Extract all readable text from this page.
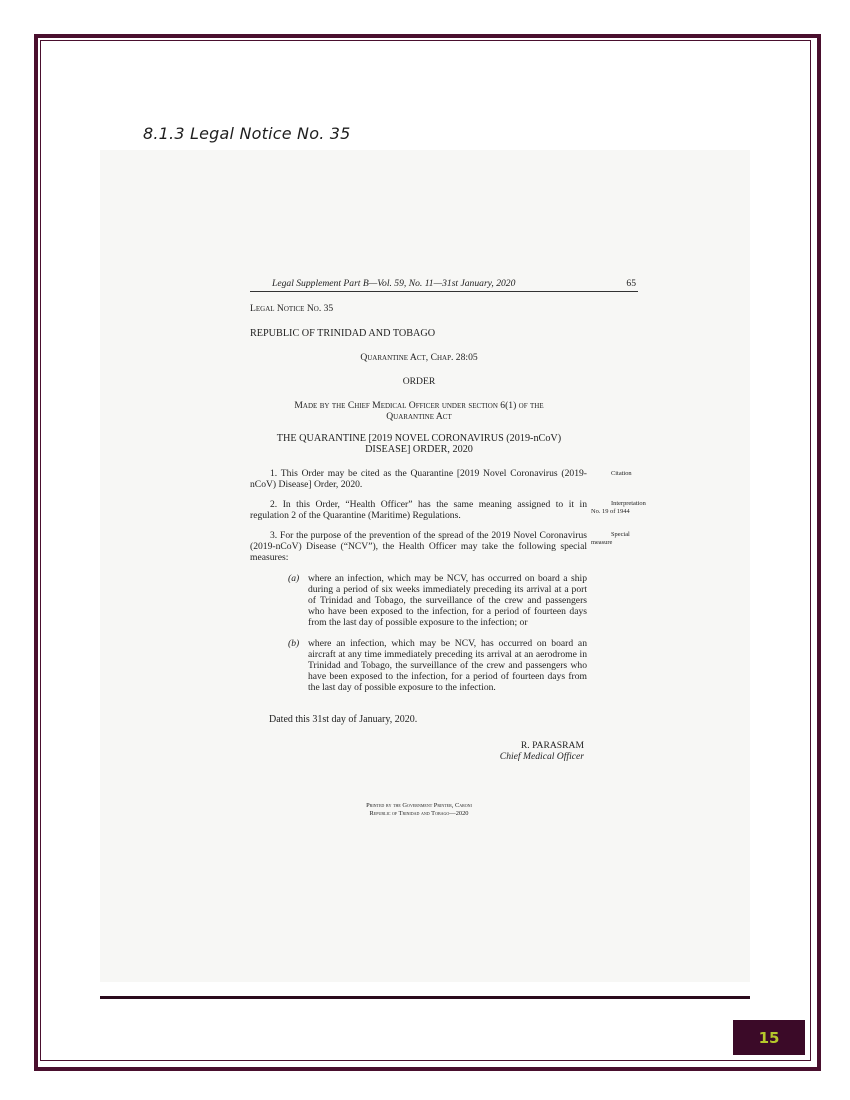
8.1.3 Legal Notice No. 35
Legal Supplement Part B—Vol. 59, No. 11—31st January, 2020	65
Legal Notice No. 35
REPUBLIC OF TRINIDAD AND TOBAGO
Quarantine Act, Chap. 28:05
ORDER
Made by the Chief Medical Officer under section 6(1) of the
Quarantine Act
THE QUARANTINE [2019 NOVEL CORONAVIRUS (2019-nCoV)
DISEASE] ORDER, 2020
1. This Order may be cited as the Quarantine [2019 Novel Coronavirus (2019-nCoV) Disease] Order, 2020.
Citation
2. In this Order, “Health Officer” has the same meaning assigned to it in regulation 2 of the Quarantine (Maritime) Regulations.
Interpretation
No. 19 of 1944
3. For the purpose of the prevention of the spread of the 2019 Novel Coronavirus (2019-nCoV) Disease (“NCV”), the Health Officer may take the following special measures:
Special
measure
(a) where an infection, which may be NCV, has occurred on board a ship during a period of six weeks immediately preceding its arrival at a port of Trinidad and Tobago, the surveillance of the crew and passengers who have been exposed to the infection, for a period of fourteen days from the last day of possible exposure to the infection; or
(b) where an infection, which may be NCV, has occurred on board an aircraft at any time immediately preceding its arrival at an aerodrome in Trinidad and Tobago, the surveillance of the crew and passengers who have been exposed to the infection, for a period of fourteen days from the last day of possible exposure to the infection.
Dated this 31st day of January, 2020.
R. PARASRAM
Chief Medical Officer
Printed by the Government Printer, Caroni
Republic of Trinidad and Tobago—2020
15
